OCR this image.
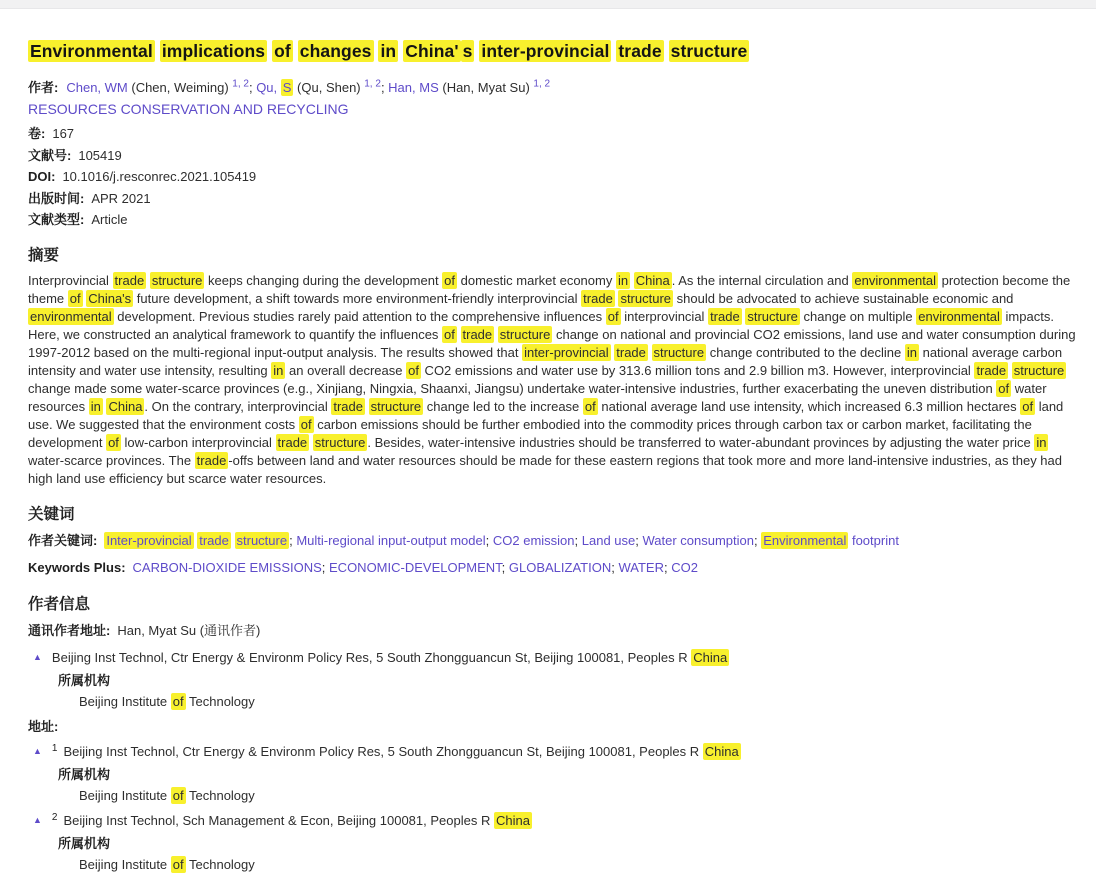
Environmental implications of changes in China' s inter-provincial trade structure
作者: Chen, WM (Chen, Weiming) $^{1, 2}$; Qu, S (Qu, Shen) $^{1, 2}$; Han, MS (Han, Myat Su) $^{1, 2}$
RESOURCES CONSERVATION AND RECYCLING
卷: 167
文献号: 105419
DOI: 10.1016/j.resconrec.2021.105419
出版时间: APR 2021
文献类型: Article
摘要

Interprovincial trade structure keeps changing during the development of domestic market economy in China . As the internal circulation and environmental protection become the theme of China's future development, a shift towards more environment-friendly interprovincial trade structure should be advocated to achieve sustainable economic and environmental development. Previous studies rarely paid attention to the comprehensive influences of interprovincial trade structure change on multiple environmental impacts. Here, we constructed an analytical framework to quantify the influences of trade structure change on national and provincial CO2 emissions, land use and water consumption during 1997-2012 based on the multi-regional input-output analysis. The results showed that inter-provincial trade structure change contributed to the decline in national average carbon intensity and water use intensity, resulting in an overall decrease of CO2 emissions and water use by 313.6 million tons and 2.9 billion m3. However, interprovincial trade structure change made some water-scarce provinces (e.g., Xinjiang, Ningxia, Shaanxi, Jiangsu) undertake water-intensive industries, further exacerbating the uneven distribution of water resources in China . On the contrary, interprovincial trade structure change led to the increase of national average land use intensity, which increased 6.3 million hectares of land use. We suggested that the environment costs of carbon emissions should be further embodied into the commodity prices through carbon tax or carbon market, facilitating the development of low-carbon interprovincial trade structure . Besides, water-intensive industries should be transferred to water-abundant provinces by adjusting the water price in water-scarce provinces. The trade -offs between land and water resources should be made for these eastern regions that took more and more land-intensive industries, as they had high land use efficiency but scarce water resources.

关键词
作者关键词: Inter-provincial trade structure ; Multi-regional input-output model; CO2 emission; Land use; Water consumption; Environmental footprint
Keywords Plus: CARBON-DIOXIDE EMISSIONS; ECONOMIC-DEVELOPMENT; GLOBALIZATION; WATER; CO2
作者信息
通讯作者地址: Han, Myat Su (通讯作者)
▲ Beijing Inst Technol, Ctr Energy & Environm Policy Res, 5 South Zhongguancun St, Beijing 100081, Peoples R China
所属机构
Beijing Institute of Technology
地址:
▲ 1 Beijing Inst Technol, Ctr Energy & Environm Policy Res, 5 South Zhongguancun St, Beijing 100081, Peoples R China
所属机构
Beijing Institute of Technology
▲ 2 Beijing Inst Technol, Sch Management & Econ, Beijing 100081, Peoples R China
所属机构
Beijing Institute of Technology
